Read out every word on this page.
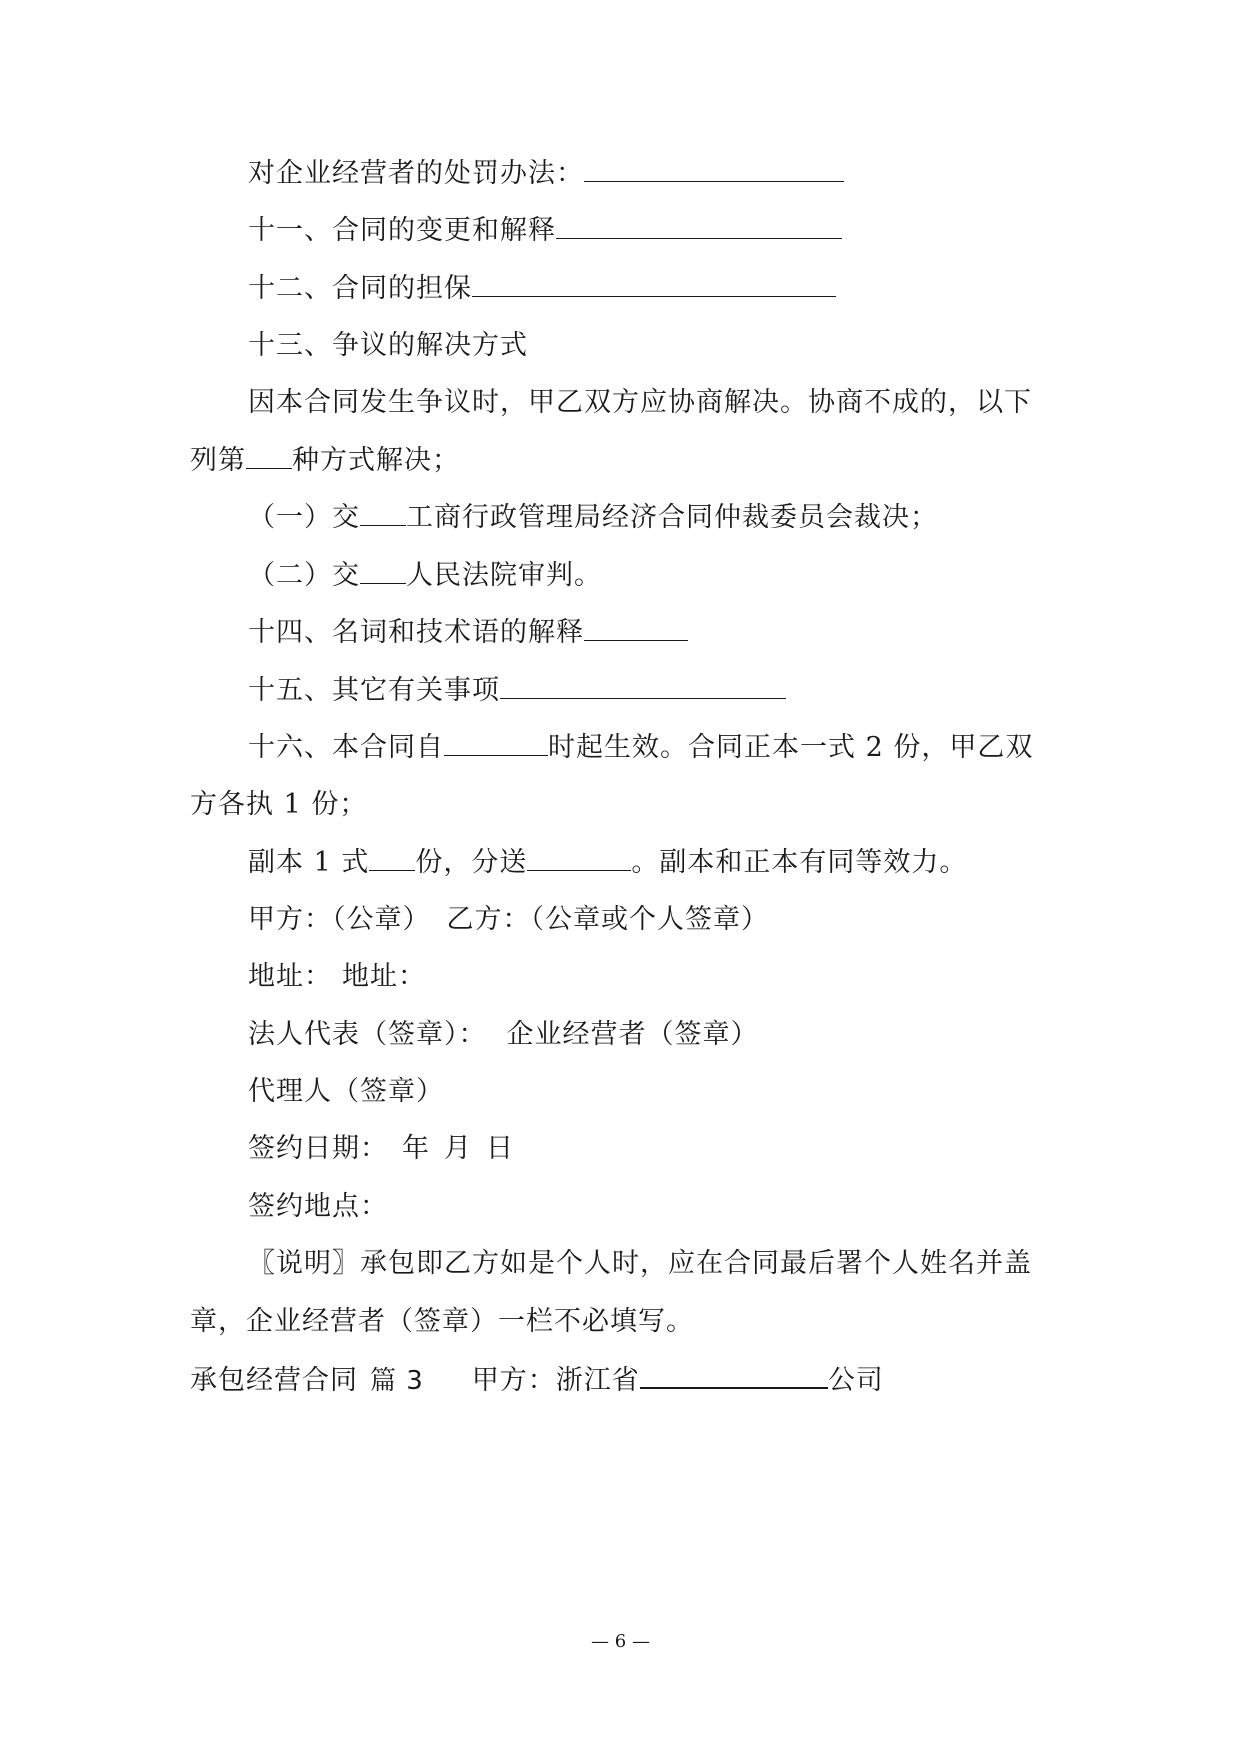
对企业经营者的处罚办法：
十一、合同的变更和解释
十二、合同的担保
十三、争议的解决方式
因本合同发生争议时，甲乙双方应协商解决。协商不成的，以下
列第 种方式解决；
（一）交 工商行政管理局经济合同仲裁委员会裁决；
（二）交 人民法院审判。
十四、名词和技术语的解释
十五、其它有关事项
十六、本合同自	时起生效。合同正本一式 2 份，甲乙双
方各执 1 份；
副本 1 式 份，分送	。副本和正本有同等效力。
甲方：（公章） 乙方：（公章或个人签章）
地址： 地址：
法人代表（签章）： 企业经营者（签章）
代理人（签章）
签约日期： 年 月 日
签约地点：
〖说明〗承包即乙方如是个人时，应在合同最后署个人姓名并盖
章，企业经营者（签章）一栏不必填写。
承包经营合同 篇 3 甲方：浙江省	公司
— 6 —
